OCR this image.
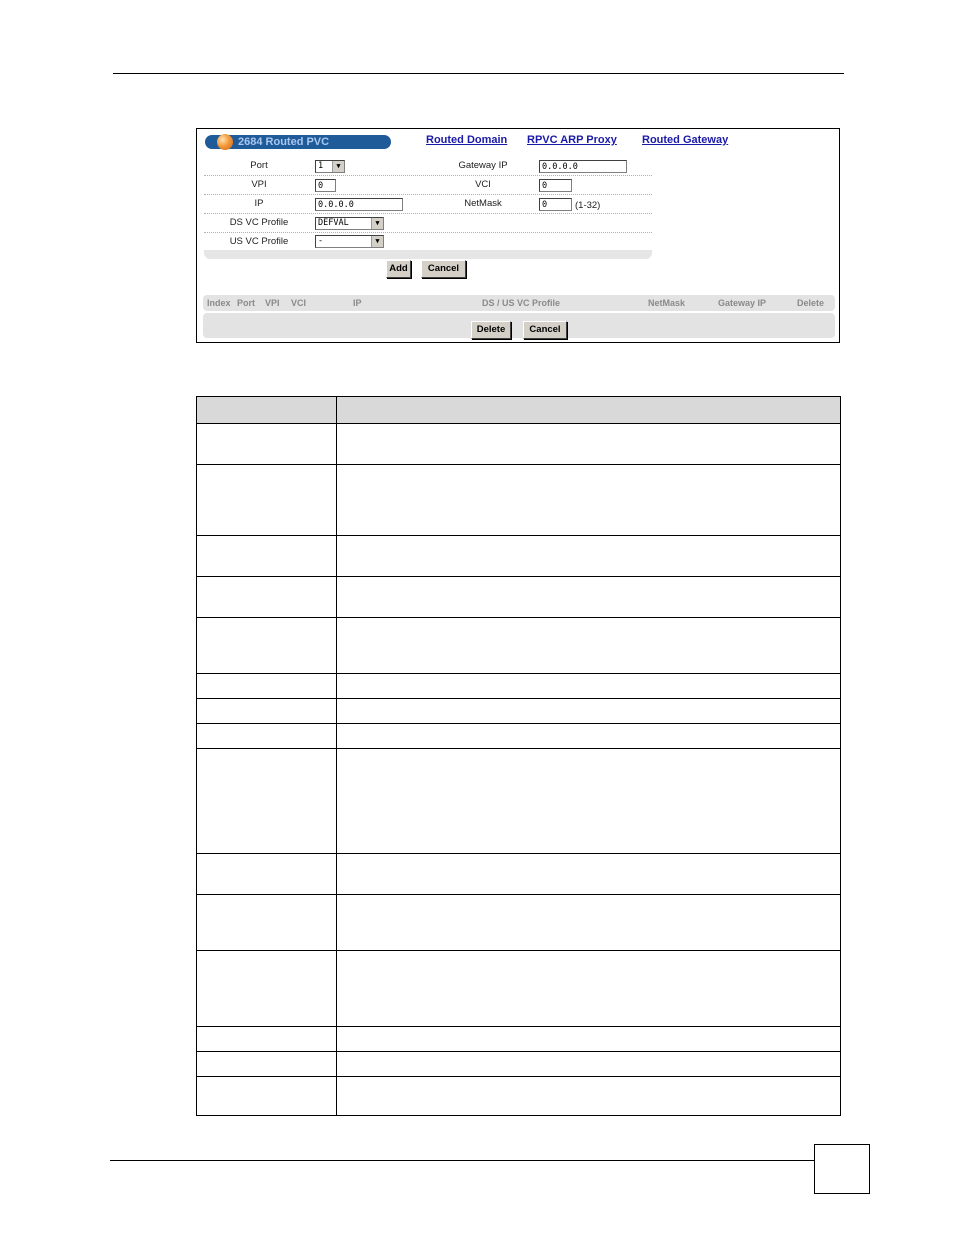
2684 Routed PVC	Routed Domain RPVC ARP Proxy Routed Gateway
Port	1	▼	Gateway IP	0.0.0.0
VPI	0	VCI	0
IP	0.0.0.0	NetMask	0	(1-32)
DS VC Profile	DEFVAL	▼
US VC Profile	-	▼
Add	Cancel
Index Port VPI VCI	IP	DS / US VC Profile	NetMask	Gateway IP	Delete
Delete	Cancel
